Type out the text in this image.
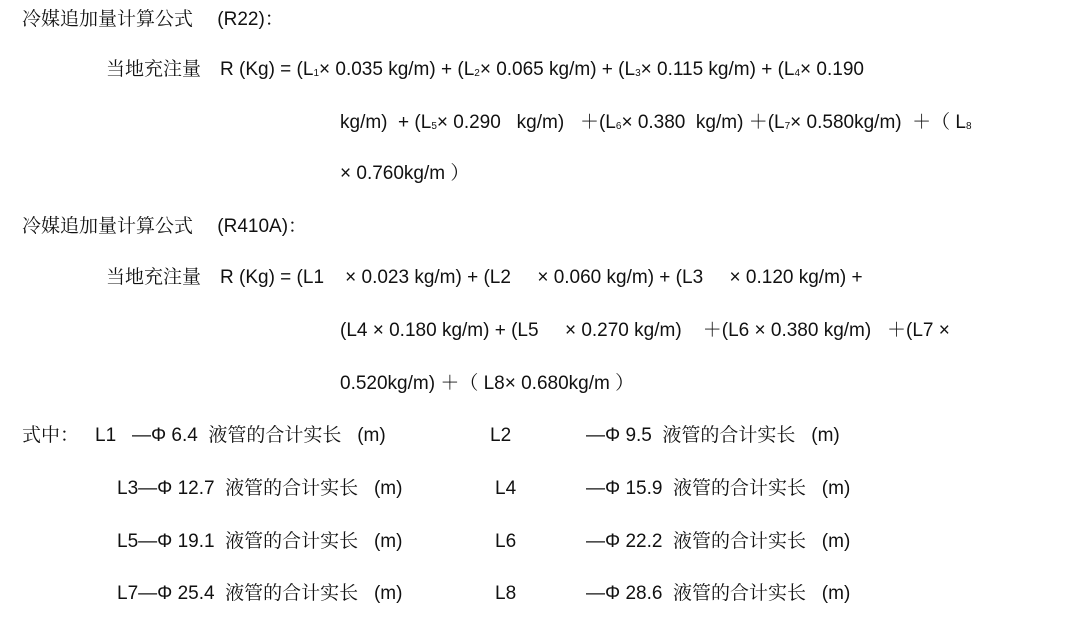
冷媒追加量计算公式　 (R22)：
当地充注量　R $(Kg) = (L_1\times 0.035$ $kg/m) + (L_2\times 0.065$ $kg/m) + (L_3\times 0.115$ $kg/m) + (L_4\times 0.190$
$kg/m) + (L_5\times 0.290$   $kg/m) +(L_6\times 0.380$  $kg/m) +(L_7\times 0.580kg/m)$  ＋（ $L_8$
× 0.760kg/m ）
冷媒追加量计算公式　 (R410A)：
当地充注量　R (Kg) = (L1    × 0.023 kg/m) + (L2     × 0.060 kg/m) + (L3     × 0.120 kg/m) +
(L4 × 0.180 kg/m) + (L5     × 0.270 kg/m)    ＋(L6 × 0.380 kg/m)   ＋(L7 ×
0.520kg/m) ＋（ L8× 0.680kg/m ）
式中： L1   —Φ 6.4  液管的合计实长   (m)	L2	—Φ 9.5  液管的合计实长   (m)
L3—Φ 12.7  液管的合计实长   (m)	L4	—Φ 15.9  液管的合计实长   (m)
L5—Φ 19.1  液管的合计实长   (m)	L6	—Φ 22.2  液管的合计实长   (m)
L7—Φ 25.4  液管的合计实长   (m)	L8	—Φ 28.6  液管的合计实长   (m)
